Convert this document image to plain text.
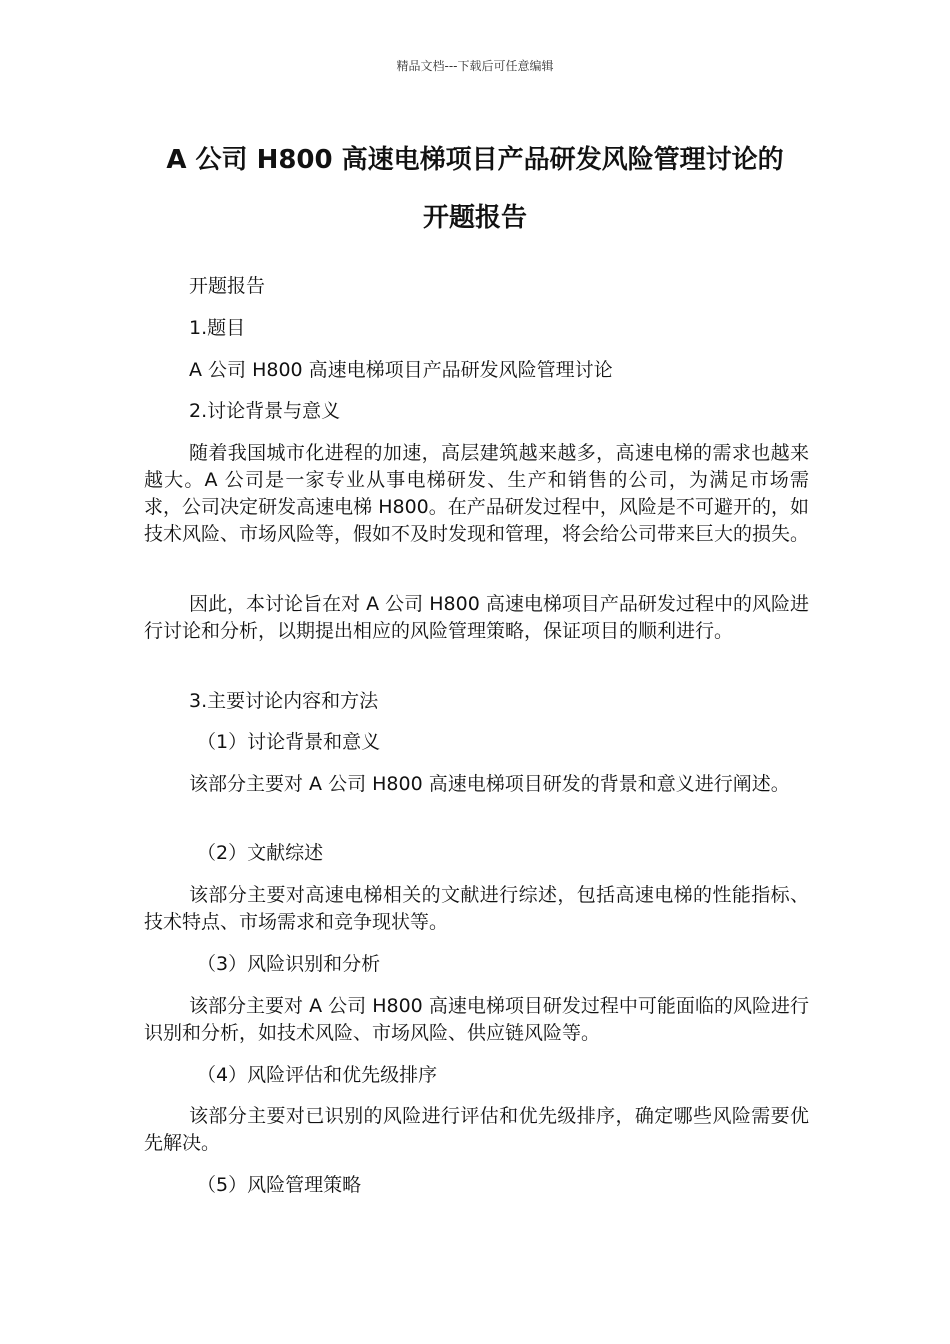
精品文档---下载后可任意编辑
A 公司 H800 高速电梯项目产品研发风险管理讨论的
开题报告
开题报告
1.题目
A 公司 H800 高速电梯项目产品研发风险管理讨论
2.讨论背景与意义
随着我国城市化进程的加速，高层建筑越来越多，高速电梯的需求也越来越大。A 公司是一家专业从事电梯研发、生产和销售的公司，为满足市场需求，公司决定研发高速电梯 H800。在产品研发过程中，风险是不可避开的，如技术风险、市场风险等，假如不及时发现和管理，将会给公司带来巨大的损失。
因此，本讨论旨在对 A 公司 H800 高速电梯项目产品研发过程中的风险进行讨论和分析，以期提出相应的风险管理策略，保证项目的顺利进行。
3.主要讨论内容和方法
（1）讨论背景和意义
该部分主要对 A 公司 H800 高速电梯项目研发的背景和意义进行阐述。
（2）文献综述
该部分主要对高速电梯相关的文献进行综述，包括高速电梯的性能指标、技术特点、市场需求和竞争现状等。
（3）风险识别和分析
该部分主要对 A 公司 H800 高速电梯项目研发过程中可能面临的风险进行识别和分析，如技术风险、市场风险、供应链风险等。
（4）风险评估和优先级排序
该部分主要对已识别的风险进行评估和优先级排序，确定哪些风险需要优先解决。
（5）风险管理策略
